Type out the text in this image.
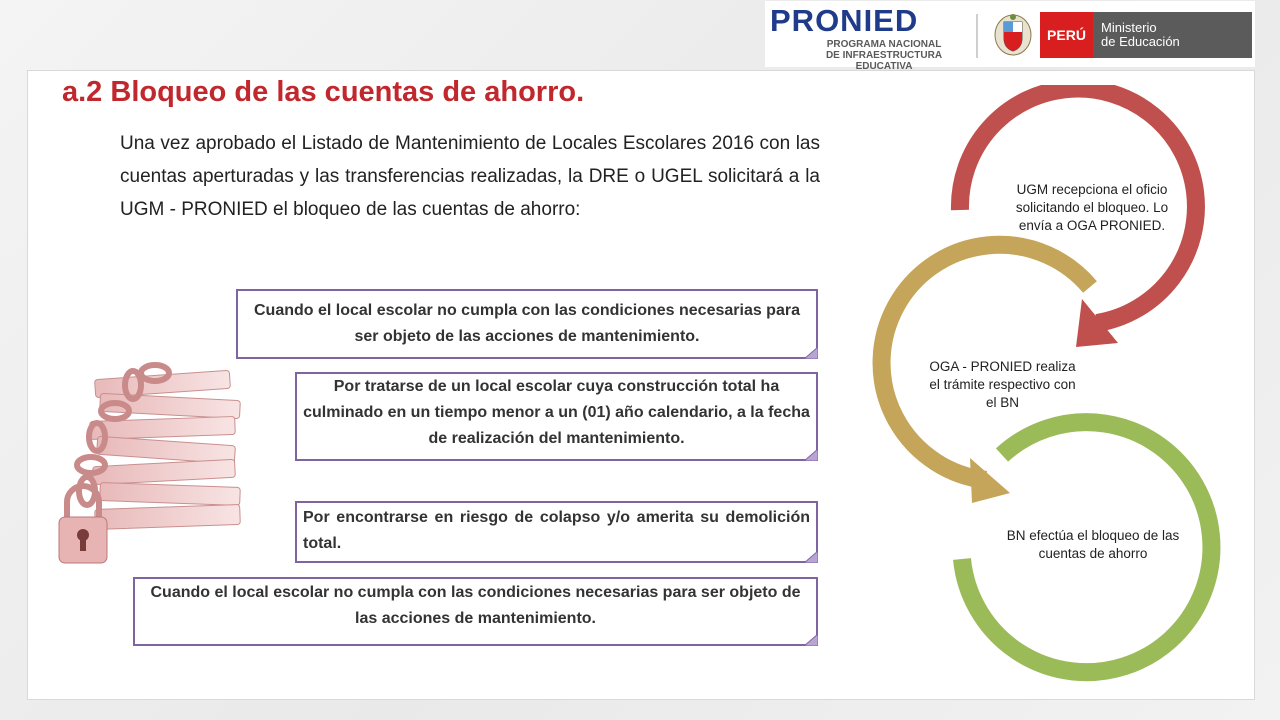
PRONIED
PROGRAMA NACIONAL
DE INFRAESTRUCTURA EDUCATIVA
PERÚ	Ministerio
de Educación
a.2 Bloqueo de las cuentas de ahorro.

Una vez aprobado el Listado de Mantenimiento de Locales Escolares 2016 con las cuentas aperturadas y las transferencias realizadas, la DRE o UGEL solicitará a la UGM - PRONIED el bloqueo de las cuentas de ahorro:

Cuando el local escolar no cumpla con las condiciones necesarias para ser objeto de las acciones de mantenimiento.
Por tratarse de un local escolar cuya construcción total ha culminado en un tiempo menor a un (01) año calendario, a la fecha de realización del mantenimiento.
Por encontrarse en riesgo de colapso y/o amerita su demolición total.
Cuando el local escolar no cumpla con las condiciones necesarias para ser objeto de las acciones de mantenimiento.
UGM recepciona el oficio solicitando el bloqueo. Lo envía a OGA PRONIED.
OGA - PRONIED realiza el trámite respectivo con el BN
BN efectúa el bloqueo de las cuentas de ahorro
